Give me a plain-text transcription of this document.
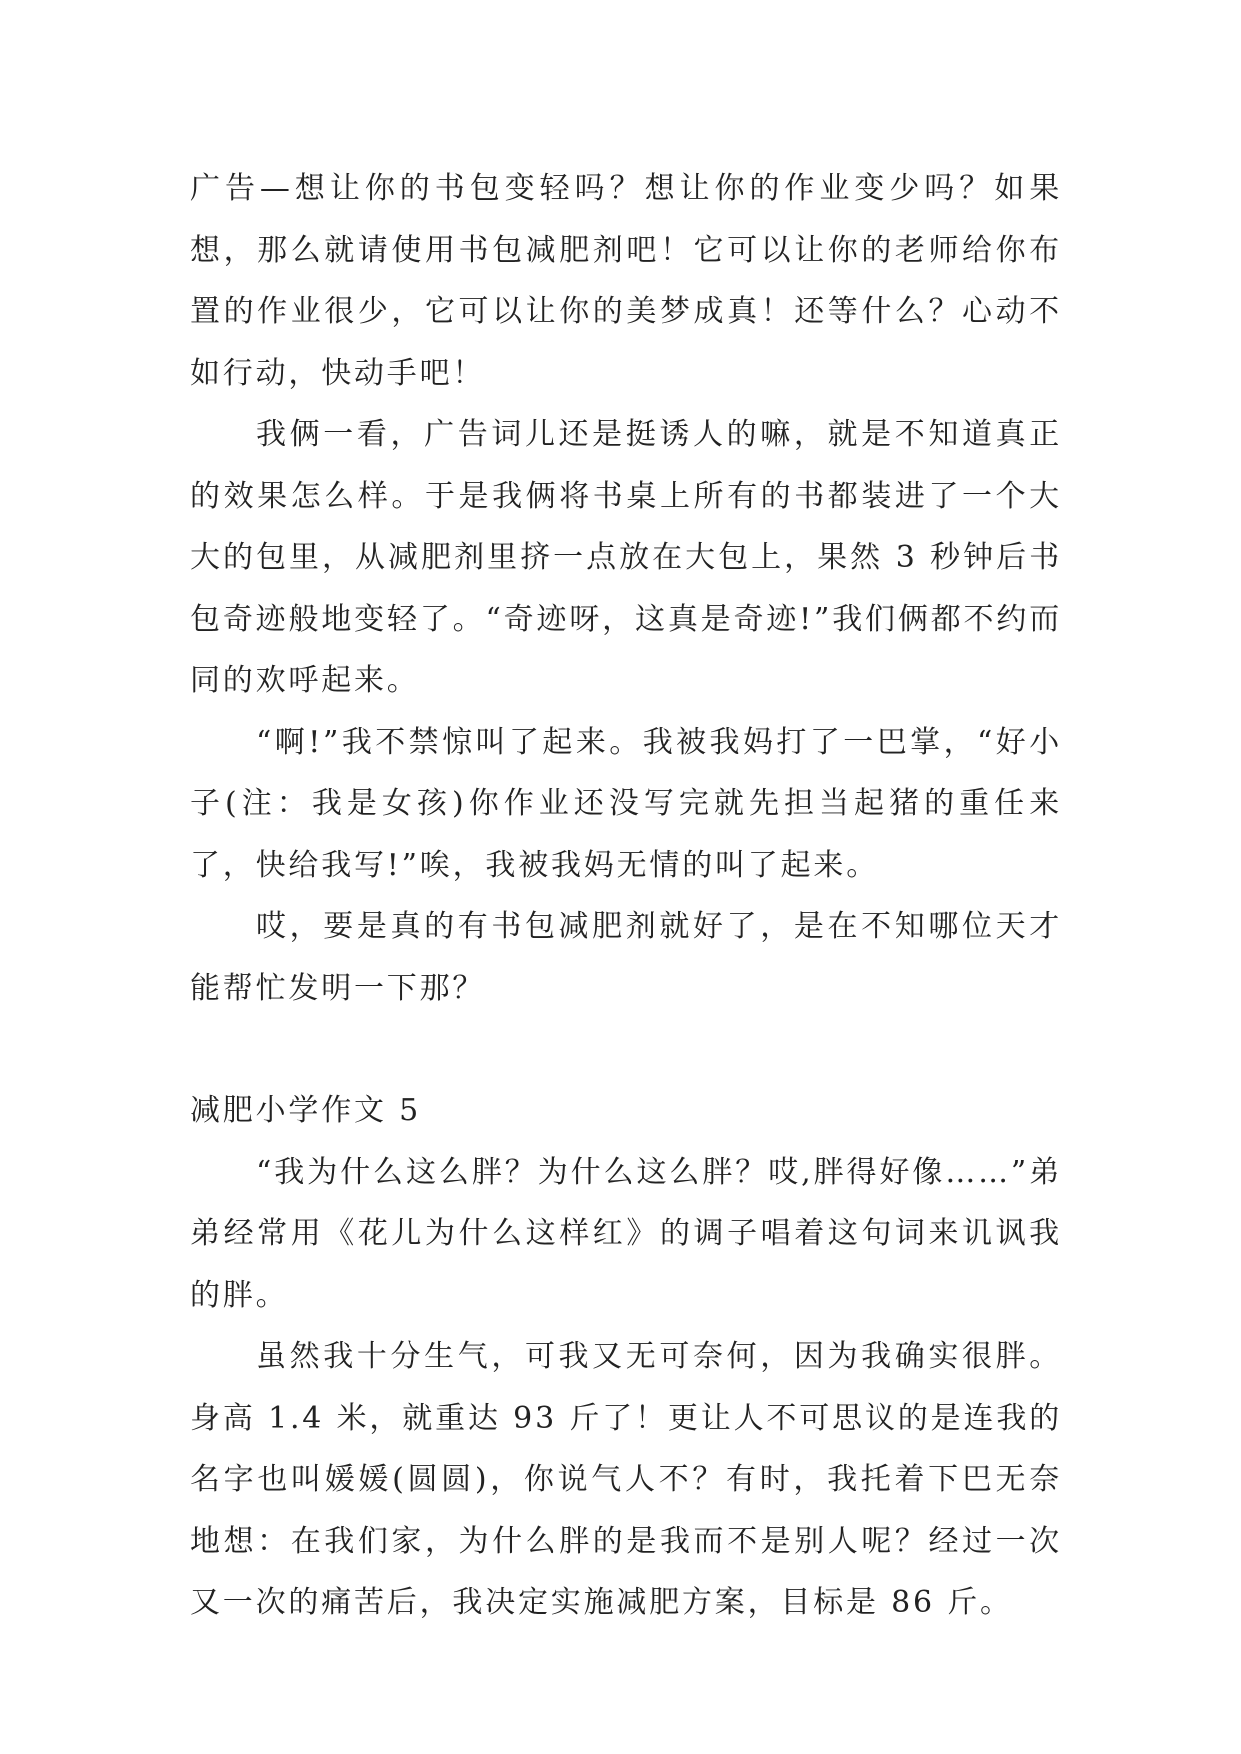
广告—想让你的书包变轻吗？想让你的作业变少吗？如果想，那么就请使用书包减肥剂吧！它可以让你的老师给你布置的作业很少，它可以让你的美梦成真！还等什么？心动不如行动，快动手吧！

我俩一看，广告词儿还是挺诱人的嘛，就是不知道真正的效果怎么样。于是我俩将书桌上所有的书都装进了一个大大的包里，从减肥剂里挤一点放在大包上，果然 3 秒钟后书包奇迹般地变轻了。“奇迹呀，这真是奇迹!”我们俩都不约而同的欢呼起来。

“啊!”我不禁惊叫了起来。我被我妈打了一巴掌，“好小子(注：我是女孩)你作业还没写完就先担当起猪的重任来了，快给我写!”唉，我被我妈无情的叫了起来。

哎，要是真的有书包减肥剂就好了，是在不知哪位天才能帮忙发明一下那？

减肥小学作文 5

“我为什么这么胖？为什么这么胖？哎,胖得好像……”弟弟经常用《花儿为什么这样红》的调子唱着这句词来讥讽我的胖。

虽然我十分生气，可我又无可奈何，因为我确实很胖。身高 1.4 米，就重达 93 斤了！更让人不可思议的是连我的名字也叫媛媛(圆圆)，你说气人不？有时，我托着下巴无奈地想：在我们家，为什么胖的是我而不是别人呢？经过一次又一次的痛苦后，我决定实施减肥方案，目标是 86 斤。
